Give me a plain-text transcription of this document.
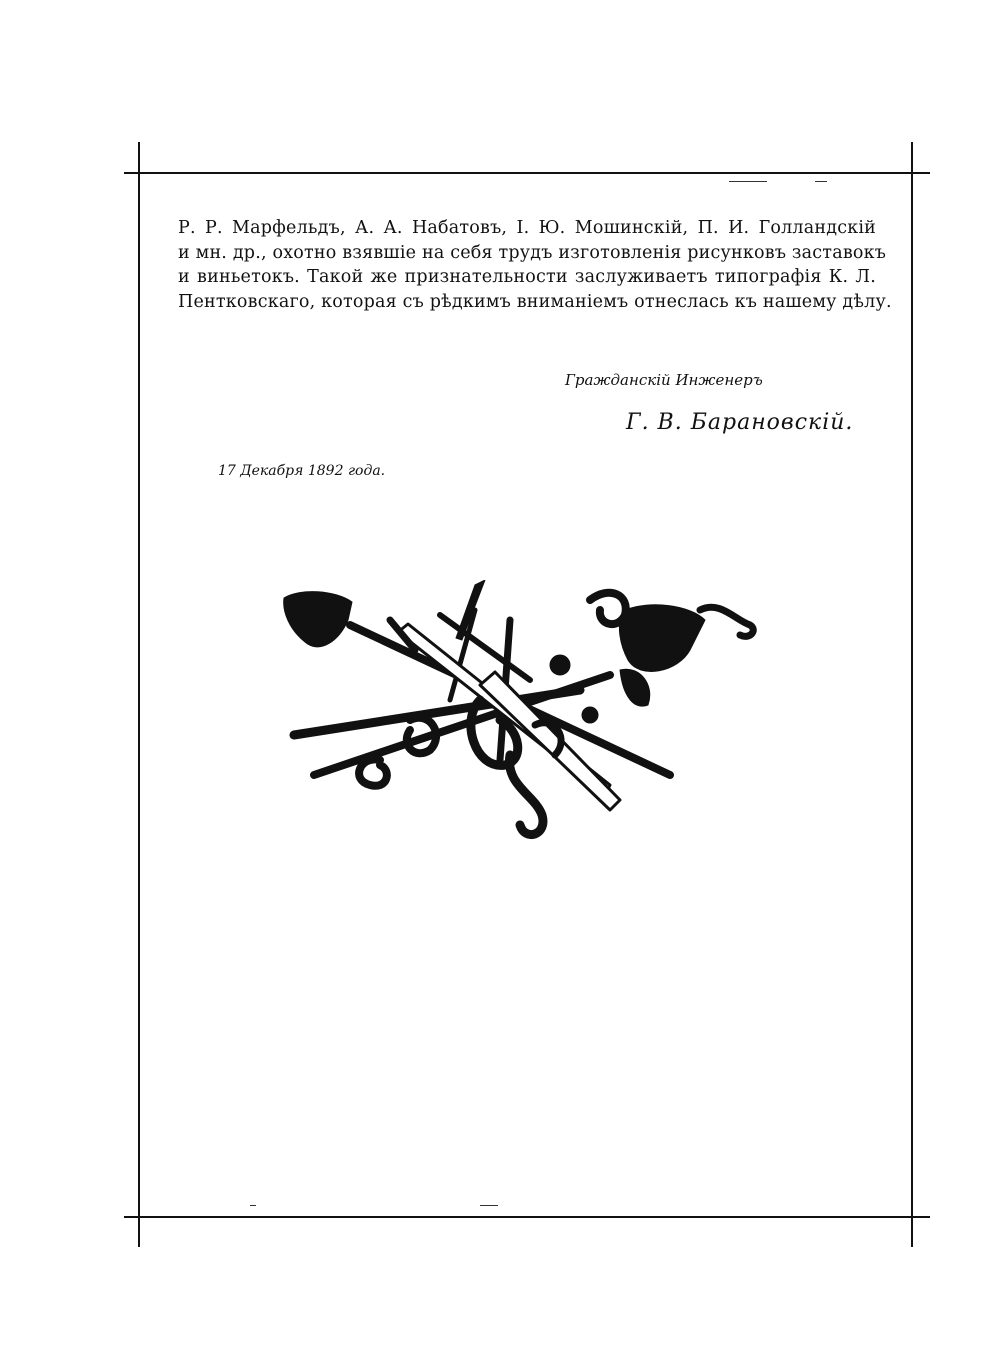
Р. Р. Марфельдъ, А. А. Набатовъ, I. Ю. Мошинскій, П. И. Голландскій
и мн. др., охотно взявшіе на себя трудъ изготовленія рисунковъ заставокъ
и виньетокъ. Такой же признательности заслуживаетъ типографія К. Л.
Пентковскаго, которая съ рѣдкимъ вниманіемъ отнеслась къ нашему дѣлу.
Гражданскій Инженеръ
Г. В. Барановскій.
17 Декабря 1892 года.
